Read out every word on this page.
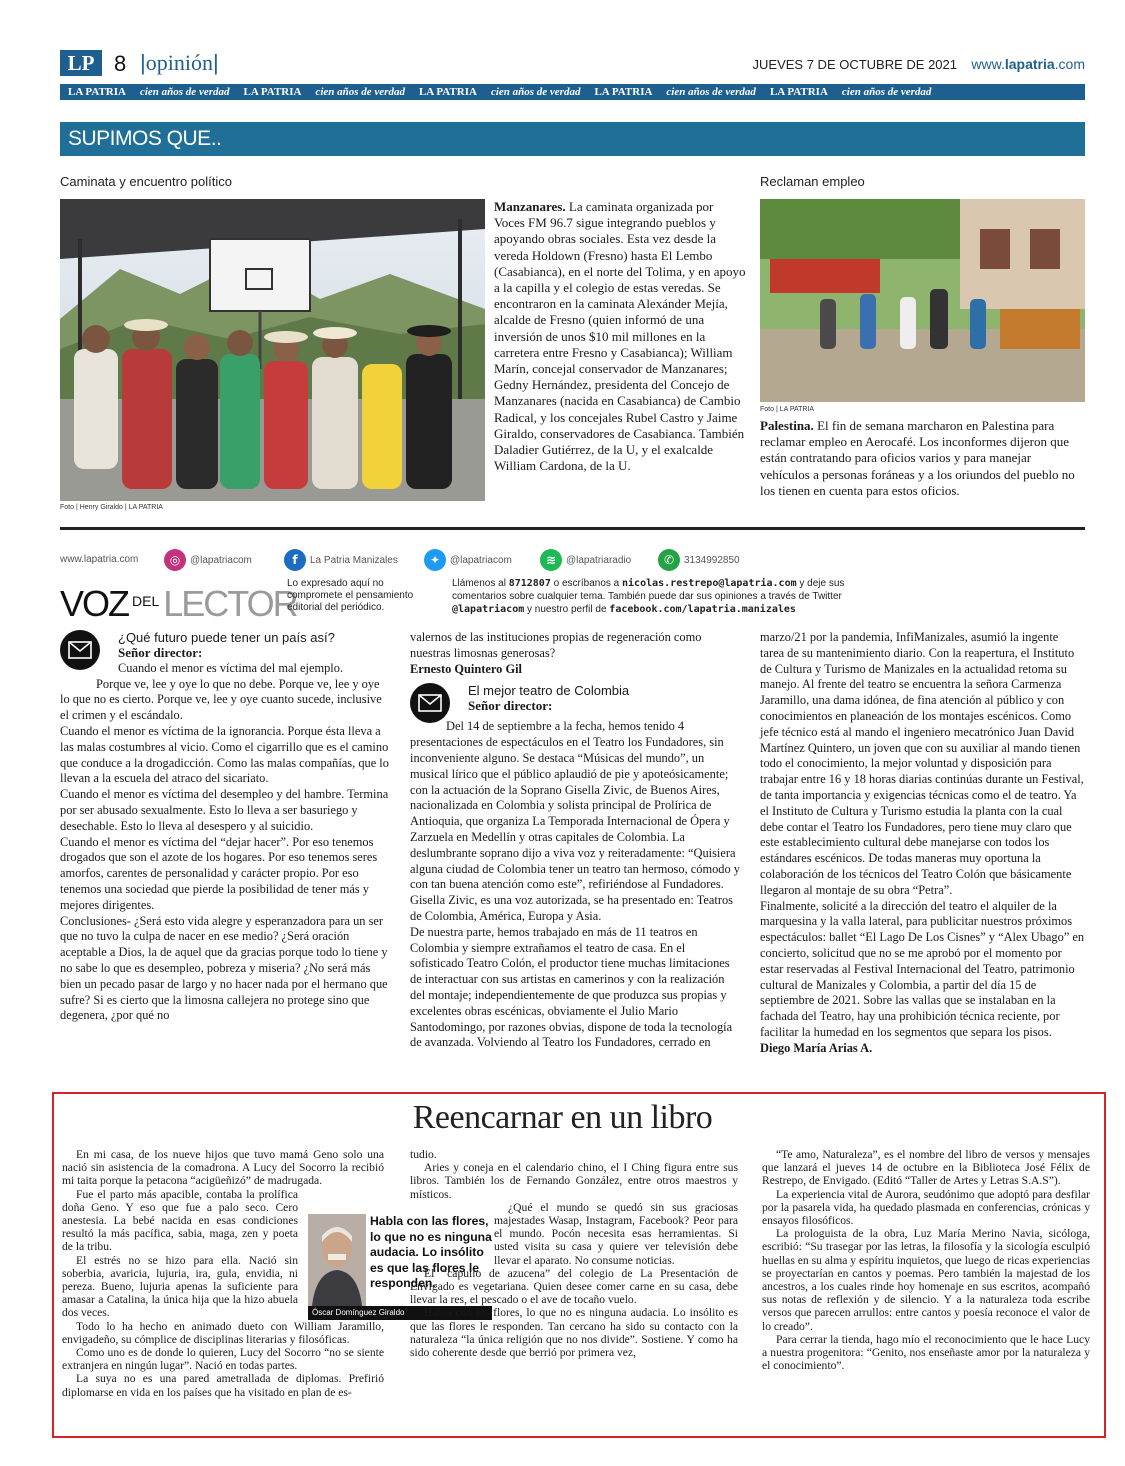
LP 8 |opinión|	JUEVES 7 DE OCTUBRE DE 2021 www.lapatria.com
LA PATRIA cien años de verdad LA PATRIA cien años de verdad LA PATRIA cien años de verdad LA PATRIA cien años de verdad LA PATRIA cien años de verdad
SUPIMOS QUE..
Caminata y encuentro político
Foto | Henry Giraldo | LA PATRIA
Manzanares. La caminata organizada por Voces FM 96.7 sigue integrando pueblos y apoyando obras sociales. Esta vez desde la vereda Holdown (Fresno) hasta El Lembo (Casabianca), en el norte del Tolima, y en apoyo a la capilla y el colegio de estas veredas. Se encontraron en la caminata Alexánder Mejía, alcalde de Fresno (quien informó de una inversión de unos $10 mil millones en la carretera entre Fresno y Casabianca); William Marín, concejal conservador de Manzanares; Gedny Hernández, presidenta del Concejo de Manzanares (nacida en Casabianca) de Cambio Radical, y los concejales Rubel Castro y Jaime Giraldo, conservadores de Casabianca. También Daladier Gutiérrez, de la U, y el exalcalde William Cardona, de la U.
Reclaman empleo
Foto | LA PATRIA
Palestina. El fin de semana marcharon en Palestina para reclamar empleo en Aerocafé. Los inconformes dijeron que están contratando para oficios varios y para manejar vehículos a personas foráneas y a los oriundos del pueblo no los tienen en cuenta para estos oficios.
www.lapatria.com	◎ @lapatriacom	f	La Patria Manizales	✦ @lapatriacom	≋ @lapatriaradio	✆ 3134992850
VOZ $^{DEL}$ LECTOR
Lo expresado aquí no compromete el pensamiento editorial del periódico.
Llámenos al 8712807 o escríbanos a nicolas.restrepo@lapatria.com y deje sus comentarios sobre cualquier tema. También puede dar sus opiniones a través de Twitter @lapatriacom y nuestro perfil de facebook.com/lapatria.manizales
¿Qué futuro puede tener un país así?
Señor director:

Cuando el menor es víctima del mal ejemplo.

Porque ve, lee y oye lo que no debe. Porque ve, lee y oye lo que no es cierto. Porque ve, lee y oye cuanto sucede, inclusive el crimen y el escándalo.

Cuando el menor es víctima de la ignorancia. Porque ésta lleva a las malas costumbres al vicio. Como el cigarrillo que es el camino que conduce a la drogadicción. Como las malas compañías, que lo llevan a la escuela del atraco del sicariato.

Cuando el menor es víctima del desempleo y del hambre. Termina por ser abusado sexualmente. Esto lo lleva a ser basuriego y desechable. Esto lo lleva al desespero y al suicidio.

Cuando el menor es víctima del “dejar hacer”. Por eso tenemos drogados que son el azote de los hogares. Por eso tenemos seres amorfos, carentes de personalidad y carácter propio. Por eso tenemos una sociedad que pierde la posibilidad de tener más y mejores dirigentes.

Conclusiones- ¿Será esto vida alegre y esperanzadora para un ser que no tuvo la culpa de nacer en ese medio? ¿Será oración aceptable a Dios, la de aquel que da gracias porque todo lo tiene y no sabe lo que es desempleo, pobreza y miseria? ¿No será más bien un pecado pasar de largo y no hacer nada por el hermano que sufre? Si es cierto que la limosna callejera no protege sino que degenera, ¿por qué no

valernos de las instituciones propias de regeneración como nuestras limosnas generosas?

Ernesto Quintero Gil

El mejor teatro de Colombia
Señor director:

Del 14 de septiembre a la fecha, hemos tenido 4 presentaciones de espectáculos en el Teatro los Fundadores, sin inconveniente alguno. Se destaca “Músicas del mundo”, un musical lírico que el público aplaudió de pie y apoteósicamente; con la actuación de la Soprano Gisella Zivic, de Buenos Aires, nacionalizada en Colombia y solista principal de Prolírica de Antioquia, que organiza La Temporada Internacional de Ópera y Zarzuela en Medellín y otras capitales de Colombia. La deslumbrante soprano dijo a viva voz y reiteradamente: “Quisiera alguna ciudad de Colombia tener un teatro tan hermoso, cómodo y con tan buena atención como este”, refiriéndose al Fundadores. Gisella Zivic, es una voz autorizada, se ha presentado en: Teatros de Colombia, América, Europa y Asia.

De nuestra parte, hemos trabajado en más de 11 teatros en Colombia y siempre extrañamos el teatro de casa. En el sofisticado Teatro Colón, el productor tiene muchas limitaciones de interactuar con sus artistas en camerinos y con la realización del montaje; independientemente de que produzca sus propias y excelentes obras escénicas, obviamente el Julio Mario Santodomingo, por razones obvias, dispone de toda la tecnología de avanzada. Volviendo al Teatro los Fundadores, cerrado en

marzo/21 por la pandemia, InfiManizales, asumió la ingente tarea de su mantenimiento diario. Con la reapertura, el Instituto de Cultura y Turismo de Manizales en la actualidad retoma su manejo. Al frente del teatro se encuentra la señora Carmenza Jaramillo, una dama idónea, de fina atención al público y con conocimientos en planeación de los montajes escénicos. Como jefe técnico está al mando el ingeniero mecatrónico Juan David Martínez Quintero, un joven que con su auxiliar al mando tienen todo el conocimiento, la mejor voluntad y disposición para trabajar entre 16 y 18 horas diarias continúas durante un Festival, de tanta importancia y exigencias técnicas como el de teatro. Ya el Instituto de Cultura y Turismo estudia la planta con la cual debe contar el Teatro los Fundadores, pero tiene muy claro que este establecimiento cultural debe manejarse con todos los estándares escénicos. De todas maneras muy oportuna la colaboración de los técnicos del Teatro Colón que básicamente llegaron al montaje de su obra “Petra”.

Finalmente, solicité a la dirección del teatro el alquiler de la marquesina y la valla lateral, para publicitar nuestros próximos espectáculos: ballet “El Lago De Los Cisnes” y “Alex Ubago” en concierto, solicitud que no se me aprobó por el momento por estar reservadas al Festival Internacional del Teatro, patrimonio cultural de Manizales y Colombia, a partir del día 15 de septiembre de 2021. Sobre las vallas que se instalaban en la fachada del Teatro, hay una prohibición técnica reciente, por facilitar la humedad en los segmentos que separa los pisos.

Diego María Arias A.

Reencarnar en un libro

En mi casa, de los nueve hijos que tuvo mamá Geno solo una nació sin asistencia de la comadrona. A Lucy del Socorro la recibió mi taita porque la petacona “acigüeñizó” de madrugada.

Fue el parto más apacible, contaba la prolífica doña Geno. Y eso que fue a palo seco. Cero anestesia. La bebé nacida en esas condiciones resultó la más pacífica, sabia, maga, zen y poeta de la tribu.

El estrés no se hizo para ella. Nació sin soberbia, avaricia, lujuria, ira, gula, envidia, ni pereza. Bueno, lujuria apenas la suficiente para amasar a Catalina, la única hija que la hizo abuela dos veces.

Todo lo ha hecho en animado dueto con William Jaramillo, envigadeño, su cómplice de disciplinas literarias y filosóficas.

Como uno es de donde lo quieren, Lucy del Socorro “no se siente extranjera en ningún lugar”. Nació en todas partes.

La suya no es una pared ametrallada de diplomas. Prefirió diplomarse en vida en los países que ha visitado en plan de es-

Habla con las flores, lo que no es ninguna audacia. Lo insólito es que las flores le responden.
Óscar Domínguez Giraldo

tudio.

Aries y coneja en el calendario chino, el I Ching figura entre sus libros. También los de Fernando González, entre otros maestros y místicos.

¿Qué el mundo se quedó sin sus graciosas majestades Wasap, Instagram, Facebook? Peor para el mundo. Pocón necesita esas herramientas. Si usted visita su casa y quiere ver televisión debe llevar el aparato. No consume noticias.

El “capullo de azucena” del colegio de La Presentación de Envigado es vegetariana. Quien desee comer carne en su casa, debe llevar la res, el pescado o el ave de tocaño vuelo.

Habla con las flores, lo que no es ninguna audacia. Lo insólito es que las flores le responden. Tan cercano ha sido su contacto con la naturaleza “la única religión que no nos divide”. Sostiene. Y como ha sido coherente desde que berrió por primera vez,

“Te amo, Naturaleza”, es el nombre del libro de versos y mensajes que lanzará el jueves 14 de octubre en la Biblioteca José Félix de Restrepo, de Envigado. (Editó “Taller de Artes y Letras S.A.S”).

La experiencia vital de Aurora, seudónimo que adoptó para desfilar por la pasarela vida, ha quedado plasmada en conferencias, crónicas y ensayos filosóficos.

La prologuista de la obra, Luz María Merino Navia, sicóloga, escribió: “Su trasegar por las letras, la filosofía y la sicología esculpió huellas en su alma y espíritu inquietos, que luego de ricas experiencias se proyectarían en cantos y poemas. Pero también la majestad de los ancestros, a los cuales rinde hoy homenaje en sus escritos, acompañó sus notas de reflexión y de silencio. Y a la naturaleza toda escribe versos que parecen arrullos: entre cantos y poesía reconoce el valor de lo creado”.

Para cerrar la tienda, hago mío el reconocimiento que le hace Lucy a nuestra progenitora: “Genito, nos enseñaste amor por la naturaleza y el conocimiento”.
